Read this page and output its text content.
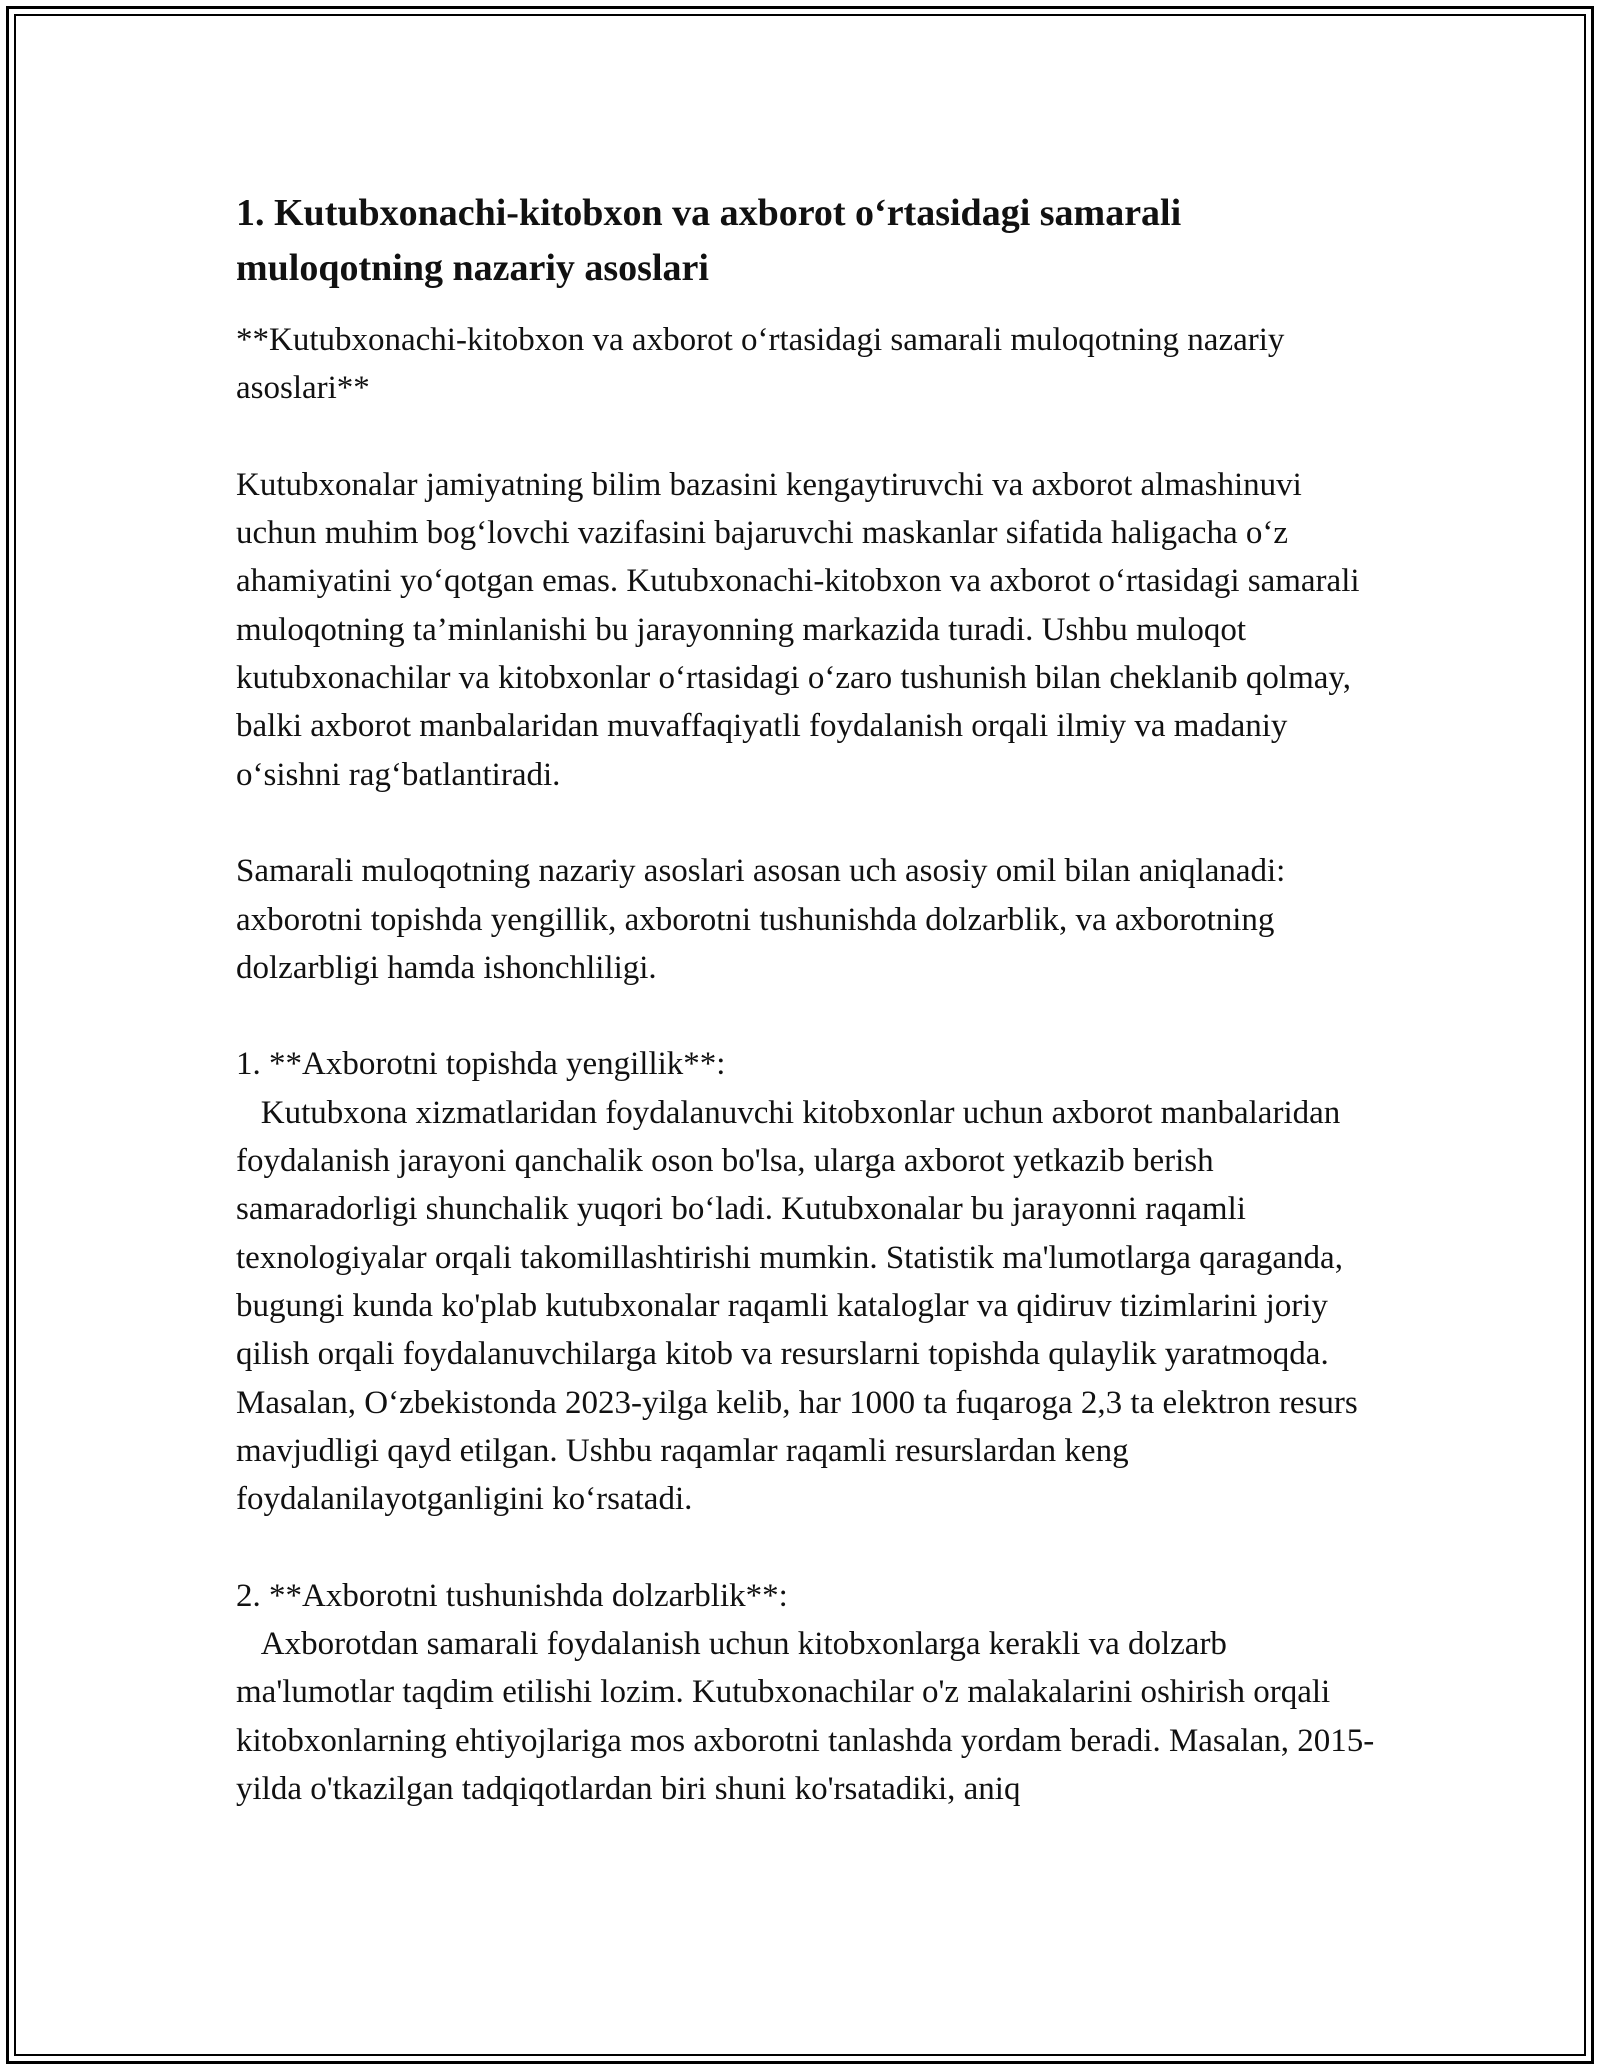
1. Kutubxonachi-kitobxon va axborot o‘rtasidagi samarali muloqotning nazariy asoslari

**Kutubxonachi-kitobxon va axborot o‘rtasidagi samarali muloqotning nazariy asoslari**

Kutubxonalar jamiyatning bilim bazasini kengaytiruvchi va axborot almashinuvi uchun muhim bog‘lovchi vazifasini bajaruvchi maskanlar sifatida haligacha o‘z ahamiyatini yo‘qotgan emas. Kutubxonachi-kitobxon va axborot o‘rtasidagi samarali muloqotning ta’minlanishi bu jarayonning markazida turadi. Ushbu muloqot kutubxonachilar va kitobxonlar o‘rtasidagi o‘zaro tushunish bilan cheklanib qolmay, balki axborot manbalaridan muvaffaqiyatli foydalanish orqali ilmiy va madaniy o‘sishni rag‘batlantiradi.

Samarali muloqotning nazariy asoslari asosan uch asosiy omil bilan aniqlanadi: axborotni topishda yengillik, axborotni tushunishda dolzarblik, va axborotning dolzarbligi hamda ishonchliligi.

1. **Axborotni topishda yengillik**:
Kutubxona xizmatlaridan foydalanuvchi kitobxonlar uchun axborot manbalaridan foydalanish jarayoni qanchalik oson bo'lsa, ularga axborot yetkazib berish samaradorligi shunchalik yuqori bo‘ladi. Kutubxonalar bu jarayonni raqamli texnologiyalar orqali takomillashtirishi mumkin. Statistik ma'lumotlarga qaraganda, bugungi kunda ko'plab kutubxonalar raqamli kataloglar va qidiruv tizimlarini joriy qilish orqali foydalanuvchilarga kitob va resurslarni topishda qulaylik yaratmoqda. Masalan, O‘zbekistonda 2023-yilga kelib, har 1000 ta fuqaroga 2,3 ta elektron resurs mavjudligi qayd etilgan. Ushbu raqamlar raqamli resurslardan keng foydalanilayotganligini ko‘rsatadi.

2. **Axborotni tushunishda dolzarblik**:
Axborotdan samarali foydalanish uchun kitobxonlarga kerakli va dolzarb ma'lumotlar taqdim etilishi lozim. Kutubxonachilar o'z malakalarini oshirish orqali kitobxonlarning ehtiyojlariga mos axborotni tanlashda yordam beradi. Masalan, 2015-yilda o'tkazilgan tadqiqotlardan biri shuni ko'rsatadiki, aniq
